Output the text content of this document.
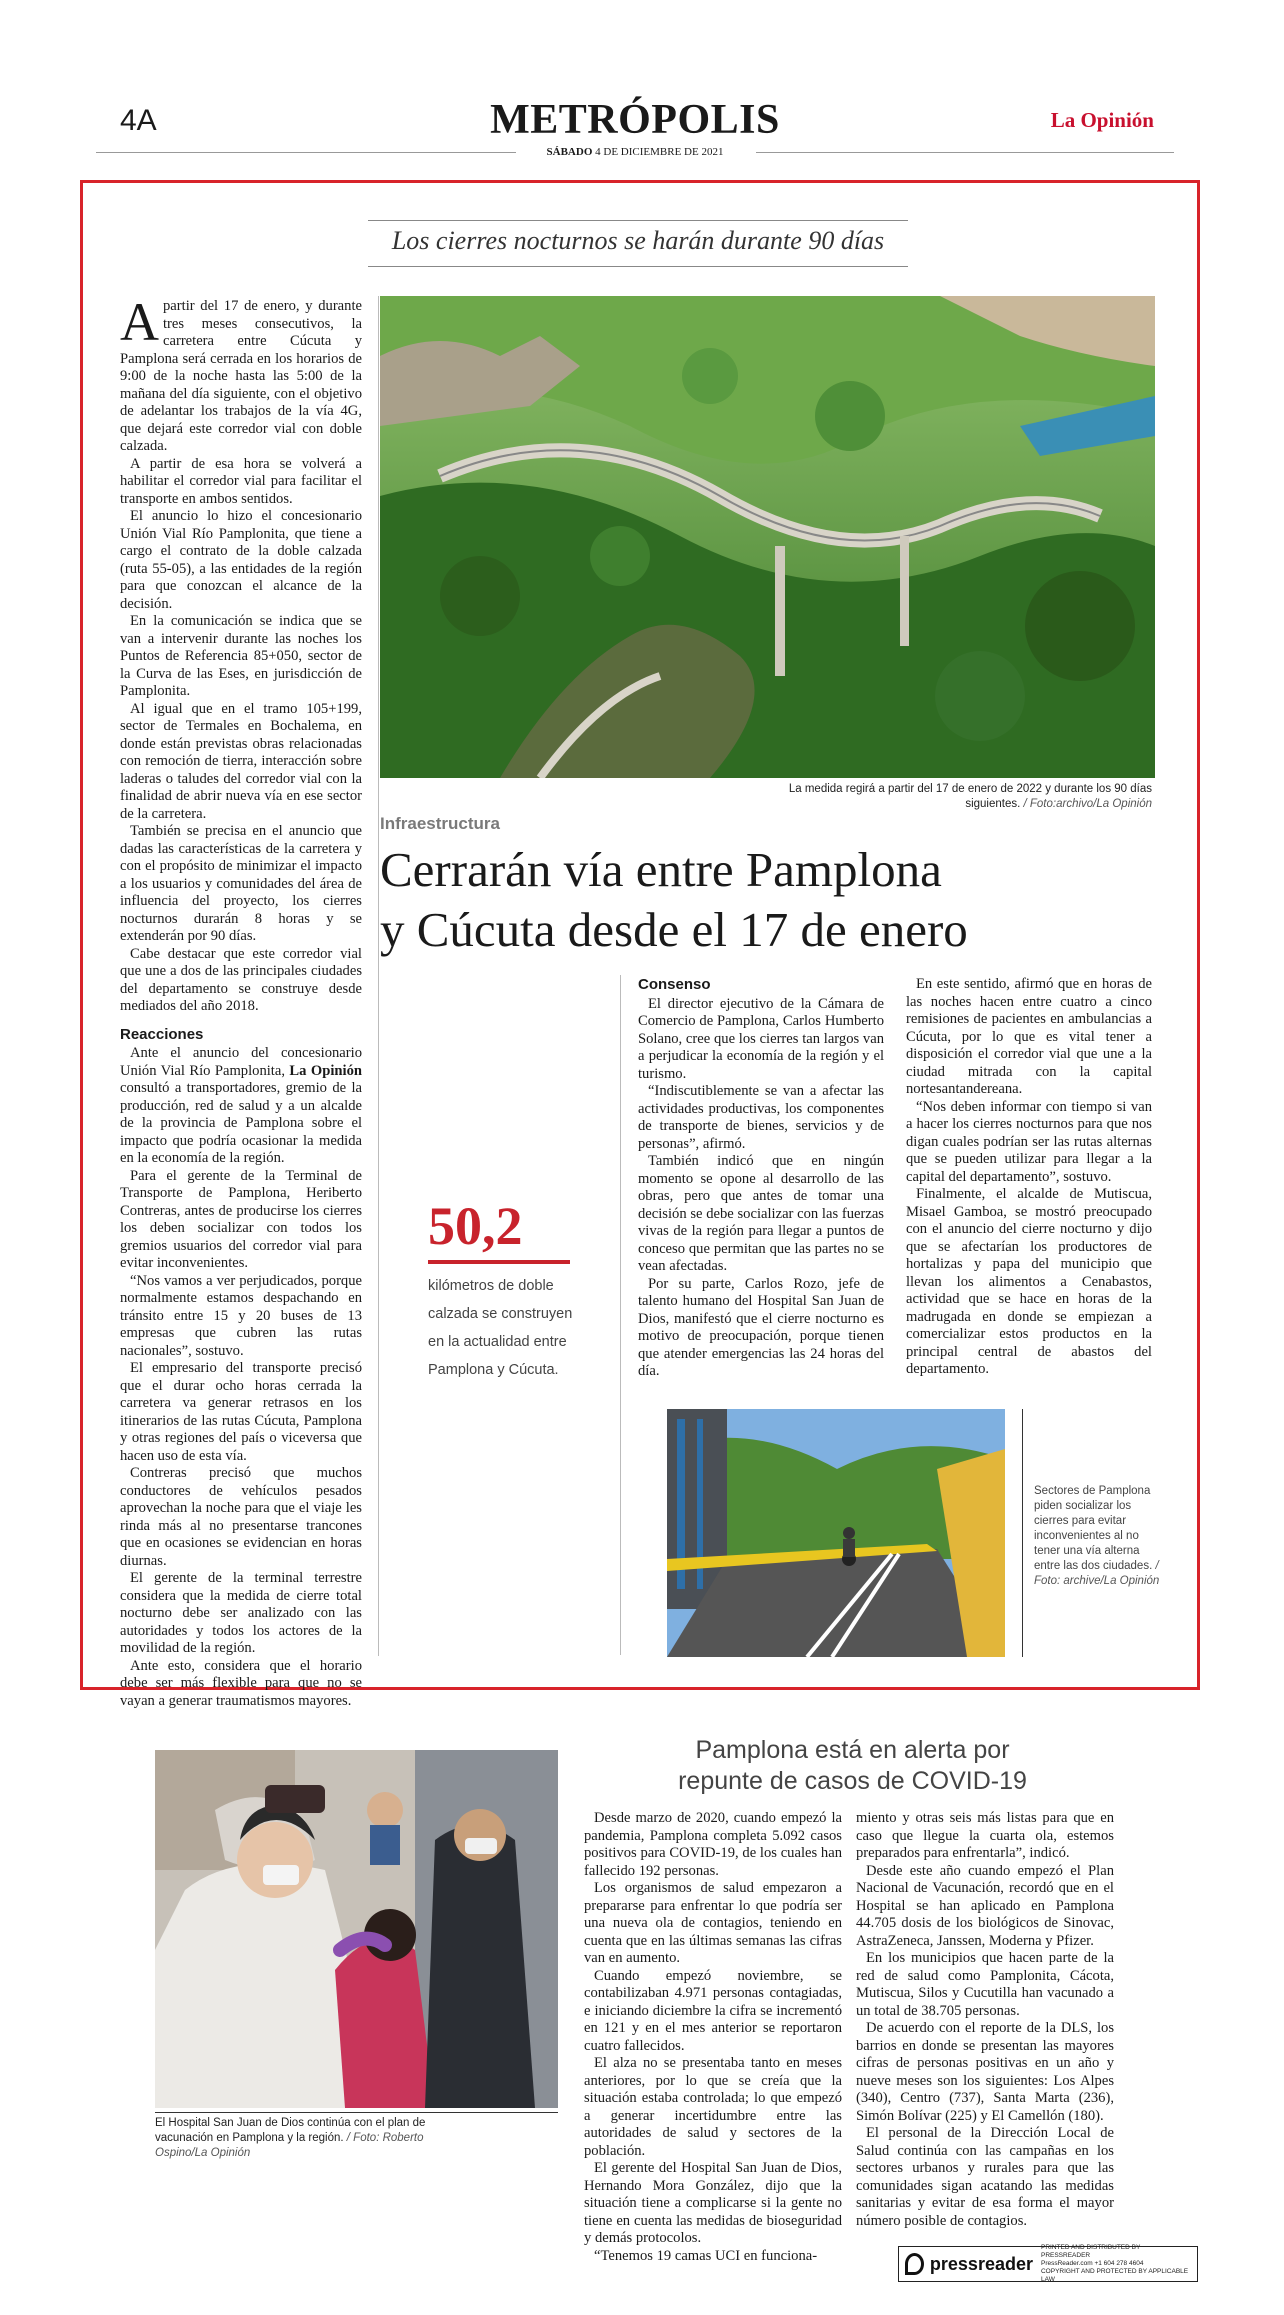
4A	METRÓPOLIS
SÁBADO 4 DE DICIEMBRE DE 2021
La Opinión
Los cierres nocturnos se harán durante 90 días
A partir del 17 de enero, y durante tres meses consecutivos, la carretera entre Cúcuta y Pamplona será cerrada en los horarios de 9:00 de la noche hasta las 5:00 de la mañana del día siguiente, con el objetivo de adelantar los trabajos de la vía 4G, que dejará este corredor vial con doble calzada.

A partir de esa hora se volverá a habilitar el corredor vial para facilitar el transporte en ambos sentidos.

El anuncio lo hizo el concesionario Unión Vial Río Pamplonita, que tiene a cargo el contrato de la doble calzada (ruta 55-05), a las entidades de la región para que conozcan el alcance de la decisión.

En la comunicación se indica que se van a intervenir durante las noches los Puntos de Referencia 85+050, sector de la Curva de las Eses, en jurisdicción de Pamplonita.

Al igual que en el tramo 105+199, sector de Termales en Bochalema, en donde están previstas obras relacionadas con remoción de tierra, interacción sobre laderas o taludes del corredor vial con la finalidad de abrir nueva vía en ese sector de la carretera.

También se precisa en el anuncio que dadas las características de la carretera y con el propósito de minimizar el impacto a los usuarios y comunidades del área de influencia del proyecto, los cierres nocturnos durarán 8 horas y se extenderán por 90 días.

Cabe destacar que este corredor vial que une a dos de las principales ciudades del departamento se construye desde mediados del año 2018.

Reacciones

Ante el anuncio del concesionario Unión Vial Río Pamplonita, La Opinión consultó a transportadores, gremio de la producción, red de salud y a un alcalde de la provincia de Pamplona sobre el impacto que podría ocasionar la medida en la economía de la región.

Para el gerente de la Terminal de Transporte de Pamplona, Heriberto Contreras, antes de producirse los cierres los deben socializar con todos los gremios usuarios del corredor vial para evitar inconvenientes.

“Nos vamos a ver perjudicados, porque normalmente estamos despachando en tránsito entre 15 y 20 buses de 13 empresas que cubren las rutas nacionales”, sostuvo.

El empresario del transporte precisó que el durar ocho horas cerrada la carretera va generar retrasos en los itinerarios de las rutas Cúcuta, Pamplona y otras regiones del país o viceversa que hacen uso de esta vía.

Contreras precisó que muchos conductores de vehículos pesados aprovechan la noche para que el viaje les rinda más al no presentarse trancones que en ocasiones se evidencian en horas diurnas.

El gerente de la terminal terrestre considera que la medida de cierre total nocturno debe ser analizado con las autoridades y todos los actores de la movilidad de la región.

Ante esto, considera que el horario debe ser más flexible para que no se vayan a generar traumatismos mayores.

La medida regirá a partir del 17 de enero de 2022 y durante los 90 días siguientes. / Foto:archivo/La Opinión
Infraestructura
Cerrarán vía entre Pamplona
y Cúcuta desde el 17 de enero
50,2
kilómetros de doble calzada se construyen en la actualidad entre Pamplona y Cúcuta.
Consenso

El director ejecutivo de la Cámara de Comercio de Pamplona, Carlos Humberto Solano, cree que los cierres tan largos van a perjudicar la economía de la región y el turismo.

“Indiscutiblemente se van a afectar las actividades productivas, los componentes de transporte de bienes, servicios y de personas”, afirmó.

También indicó que en ningún momento se opone al desarrollo de las obras, pero que antes de tomar una decisión se debe socializar con las fuerzas vivas de la región para llegar a puntos de conceso que permitan que las partes no se vean afectadas.

Por su parte, Carlos Rozo, jefe de talento humano del Hospital San Juan de Dios, manifestó que el cierre nocturno es motivo de preocupación, porque tienen que atender emergencias las 24 horas del día.

En este sentido, afirmó que en horas de las noches hacen entre cuatro a cinco remisiones de pacientes en ambulancias a Cúcuta, por lo que es vital tener a disposición el corredor vial que une a la ciudad mitrada con la capital nortesantandereana.

“Nos deben informar con tiempo si van a hacer los cierres nocturnos para que nos digan cuales podrían ser las rutas alternas que se pueden utilizar para llegar a la capital del departamento”, sostuvo.

Finalmente, el alcalde de Mutiscua, Misael Gamboa, se mostró preocupado con el anuncio del cierre nocturno y dijo que se afectarían los productores de hortalizas y papa del municipio que llevan los alimentos a Cenabastos, actividad que se hace en horas de la madrugada en donde se empiezan a comercializar estos productos en la principal central de abastos del departamento.

Sectores de Pamplona piden socializar los cierres para evitar inconvenientes al no tener una vía alterna entre las dos ciudades. / Foto: archive/La Opinión
El Hospital San Juan de Dios continúa con el plan de vacunación en Pamplona y la región. / Foto: Roberto Ospino/La Opinión
Pamplona está en alerta por
repunte de casos de COVID-19

Desde marzo de 2020, cuando empezó la pandemia, Pamplona completa 5.092 casos positivos para COVID-19, de los cuales han fallecido 192 personas.

Los organismos de salud empezaron a prepararse para enfrentar lo que podría ser una nueva ola de contagios, teniendo en cuenta que en las últimas semanas las cifras van en aumento.

Cuando empezó noviembre, se contabilizaban 4.971 personas contagiadas, e iniciando diciembre la cifra se incrementó en 121 y en el mes anterior se reportaron cuatro fallecidos.

El alza no se presentaba tanto en meses anteriores, por lo que se creía que la situación estaba controlada; lo que empezó a generar incertidumbre entre las autoridades de salud y sectores de la población.

El gerente del Hospital San Juan de Dios, Hernando Mora González, dijo que la situación tiene a complicarse si la gente no tiene en cuenta las medidas de bioseguridad y demás protocolos.

“Tenemos 19 camas UCI en funciona-

miento y otras seis más listas para que en caso que llegue la cuarta ola, estemos preparados para enfrentarla”, indicó.

Desde este año cuando empezó el Plan Nacional de Vacunación, recordó que en el Hospital se han aplicado en Pamplona 44.705 dosis de los biológicos de Sinovac, AstraZeneca, Janssen, Moderna y Pfizer.

En los municipios que hacen parte de la red de salud como Pamplonita, Cácota, Mutiscua, Silos y Cucutilla han vacunado a un total de 38.705 personas.

De acuerdo con el reporte de la DLS, los barrios en donde se presentan las mayores cifras de personas positivas en un año y nueve meses son los siguientes: Los Alpes (340), Centro (737), Santa Marta (236), Simón Bolívar (225) y El Camellón (180).

El personal de la Dirección Local de Salud continúa con las campañas en los sectores urbanos y rurales para que las comunidades sigan acatando las medidas sanitarias y evitar de esa forma el mayor número posible de contagios.

pressreader
PRINTED AND DISTRIBUTED BY PRESSREADER
PressReader.com +1 604 278 4604
COPYRIGHT AND PROTECTED BY APPLICABLE LAW
